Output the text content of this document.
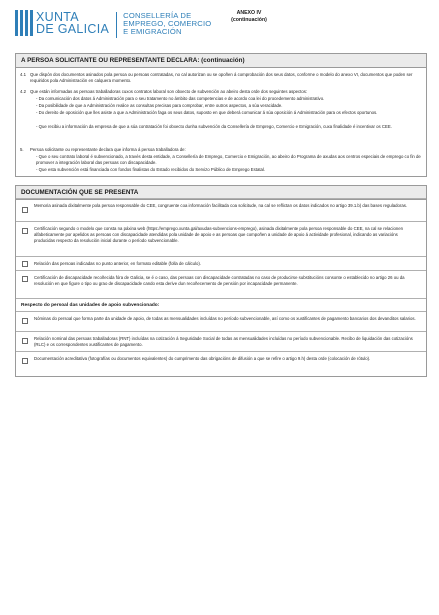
XUNTA
DE GALICIA
CONSELLERÍA DE
EMPREGO, COMERCIO
E EMIGRACIÓN
ANEXO IV
(continuación)
A PERSOA SOLICITANTE OU REPRESENTANTE DECLARA: (continuación)
4.1 Que dispón dos documentos asinados pola persoa ou persoas contratadas, no cal autorizan ou se opoñen á comprobación dos seus datos, conforme o modelo do anexo VI, documentos que poden ser requiridos pola Administración en calquera momento.
4.2 Que están informadas as persoas traballadoras cuxos contratos laboral son obxecto de subvención ao abeiro desta orde dos seguintes aspectos:
- Da comunicación dos datos á Administración para o seu tratamento no ámbito das competencias e de acordo coa lei do procedemento administrativo.
- Da posibilidade de que a Administración realice as consultas precisas para comprobar, entre outros aspectos, a súa veracidade.
- Do dereito de oposición que lles asiste a que a Administración faga os seus datos, suposto en que deberá comunicar á súa oposición á Administración para os efectos oportunos.
- Que recibiu a información da empresa de que a súa contratación foi obxecto dunha subvención da Consellería de Emprego, Comercio e Emigración, cuxa finalidade é incentivar os CEE.
5. Persoa solicitante ou representante declara que informa á persoa traballadora de:
- Que o seu contrato laboral é subvencionado, a través desta entidade, a Consellería de Emprego, Comercio e Emigración, ao abeiro do Programa de axudas aos centros especiais de emprego co fin de promover a integración laboral das persoas con discapacidade.
- Que esta subvención está financiada con fondos finalistas do Estado recibidos do Servizo Público de Emprego Estatal.
DOCUMENTACIÓN QUE SE PRESENTA
Memoria asinada dixitalmente pola persoa responsable do CEE, congruente coa información facilitada coa solicitude, na cal se reflictan os datos indicados no artigo 39.1.b) das bases reguladoras.
Certificación segundo o modelo que consta na páxina web (https://emprego.xunta.gal/axudas-subvencions-emprego), asinada dixitalmente pola persoa responsable do CEE, na cal se relacionen alfabeticamente por apelidos as persoas con discapacidade atendidas pola unidade de apoio e as persoas que compoñen a unidade de apoio á actividade profesional, indicando as variacións producidas respecto da resolución inicial durante o período subvencionable.
Relación das persoas indicadas no punto anterior, en formato editable (folla de cálculo).
Certificación de discapacidade recoñecida fóra de Galicia, se é o caso, das persoas con discapacidade contratadas no caso de producirse substitucións consonte o establecido no artigo 26 ou da resolución en que figure o tipo ou grao de discapacidade cando esta derive dun recoñecemento de pensión por incapacidade permanente.
Respecto do persoal das unidades de apoio subvencionado:
Nóminas do persoal que forma parte da unidade de apoio, de todas as mensualidades incluídas no período subvencionable, así como os xustificantes de pagamento bancarios dos devanditos salarios.
Relación nominal das persoas traballadoras (RNT) incluídas na cotización á Seguridade Social de todas as mensualidades incluídas no período subvencionable. Recibo de liquidación das cotizacións (RLC) e os correspondentes xustificantes de pagamento.
Documentación acreditativa (fotografías ou documentos equivalentes) do cumprimento das obrigacións de difusión a que se refire o artigo 9.h) desta orde (colocación de rótulo).
